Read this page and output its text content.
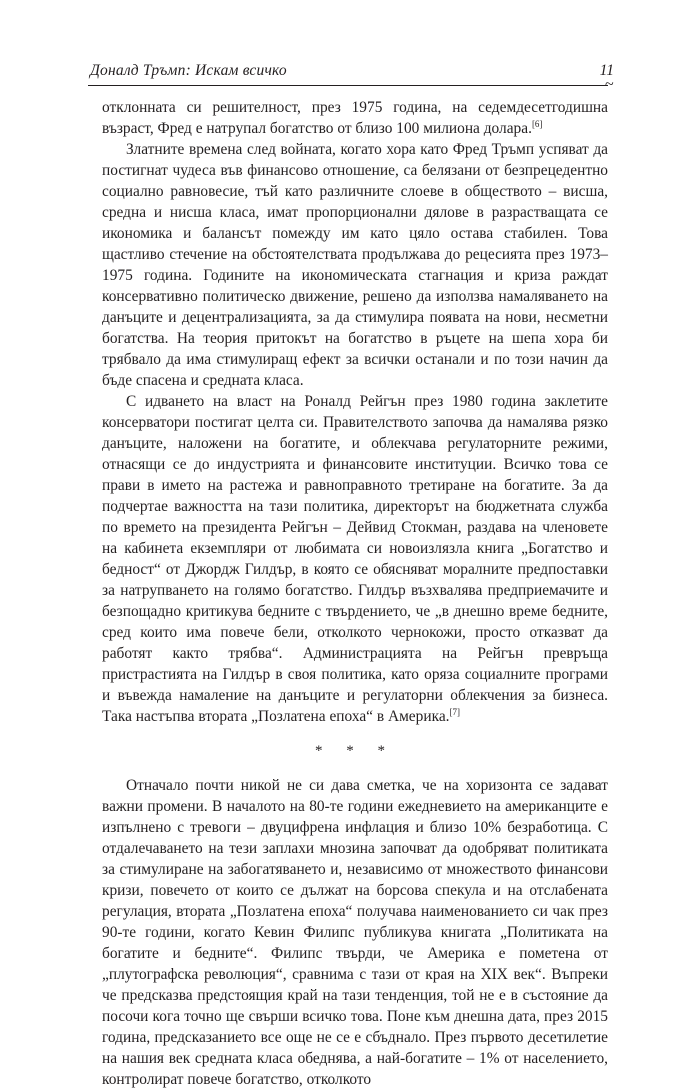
Доналд Тръмп: Искам всичко	11
~

отклонната си решителност, през 1975 година, на седемдесетгодишна възраст, Фред е натрупал богатство от близо 100 милиона долара.[6]

Златните времена след войната, когато хора като Фред Тръмп успяват да постигнат чудеса във финансово отношение, са белязани от безпрецедентно социално равновесие, тъй като различните слоеве в обществото – висша, средна и нисша класа, имат пропорционални дялове в разрастващата се икономика и балансът помежду им като цяло остава стабилен. Това щастливо стечение на обстоятелствата продължава до рецесията през 1973–1975 година. Годините на икономическата стагнация и криза раждат консервативно политическо движение, решено да използва намаляването на данъците и децентрализацията, за да стимулира появата на нови, несметни богатства. На теория притокът на богатство в ръцете на шепа хора би трябвало да има стимулиращ ефект за всички останали и по този начин да бъде спасена и средната класа.

С идването на власт на Роналд Рейгън през 1980 година заклетите консерватори постигат целта си. Правителството започва да намалява рязко данъците, наложени на богатите, и облекчава регулаторните режими, отнасящи се до индустрията и финансовите институции. Всичко това се прави в името на растежа и равноправното третиране на богатите. За да подчертае важността на тази политика, директорът на бюджетната служба по времето на президента Рейгън – Дейвид Стокман, раздава на членовете на кабинета екземпляри от любимата си новоизлязла книга „Богатство и бедност“ от Джордж Гилдър, в която се обясняват моралните предпоставки за натрупването на голямо богатство. Гилдър възхвалява предприемачите и безпощадно критикува бедните с твърдението, че „в днешно време бедните, сред които има повече бели, отколкото чернокожи, просто отказват да работят както трябва“. Администрацията на Рейгън превръща пристрастията на Гилдър в своя политика, като оряза социалните програми и въвежда намаление на данъците и регулаторни облекчения за бизнеса. Така настъпва втората „Позлатена епоха“ в Америка.[7]

* * *

Отначало почти никой не си дава сметка, че на хоризонта се задават важни промени. В началото на 80-те години ежедневието на американците е изпълнено с тревоги – двуцифрена инфлация и близо 10% безработица. С отдалечаването на тези заплахи мнозина започват да одобряват политиката за стимулиране на забогатяването и, независимо от множеството финансови кризи, повечето от които се дължат на борсова спекула и на отслабената регулация, втората „Позлатена епоха“ получава наименованието си чак през 90-те години, когато Кевин Филипс публикува книгата „Политиката на богатите и бедните“. Филипс твърди, че Америка е пометена от „плутографска революция“, сравнима с тази от края на XIX век“. Въпреки че предсказва предстоящия край на тази тенденция, той не е в състояние да посочи кога точно ще свърши всичко това. Поне към днешна дата, през 2015 година, предсказанието все още не се е сбъднало. През първото десетилетие на нашия век средната класа обеднява, а най-богатите – 1% от населението, контролират повече богатство, отколкото
